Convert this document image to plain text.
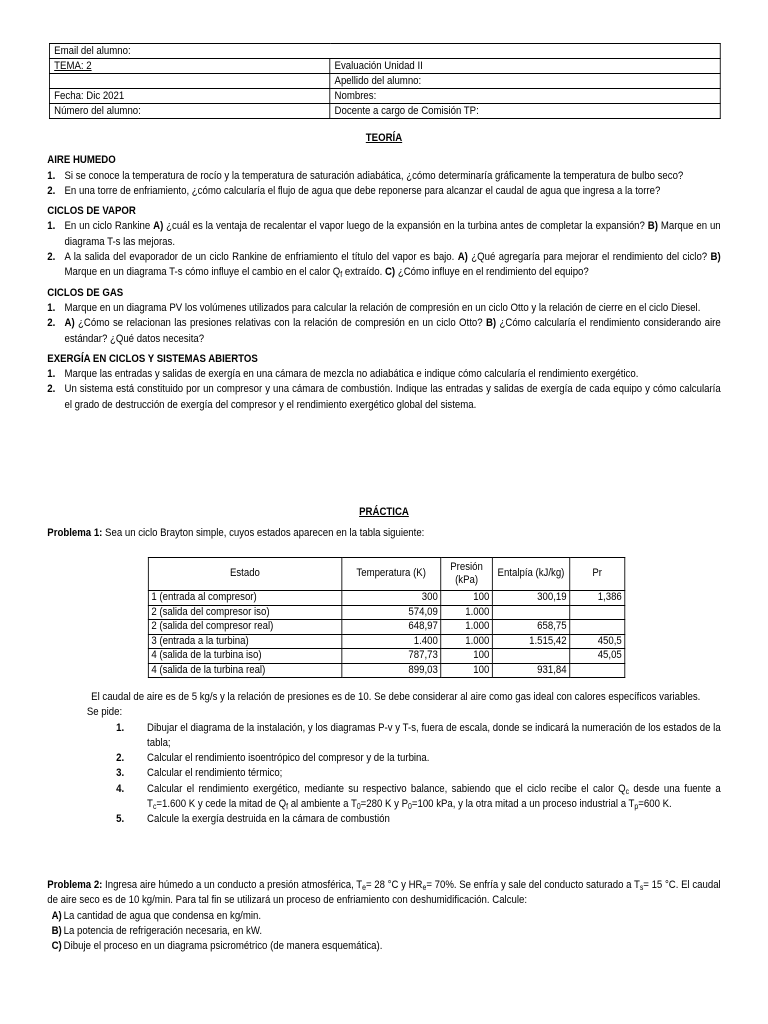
Email del alumno:	
TEMA: 2	Evaluación Unidad II
	Apellido del alumno:
Fecha: Dic 2021	Nombres:
Número del alumno:	Docente a cargo de Comisión TP:
TEORÍA
AIRE HUMEDO
1. Si se conoce la temperatura de rocío y la temperatura de saturación adiabática, ¿cómo determinaría gráficamente la temperatura de bulbo seco?
2. En una torre de enfriamiento, ¿cómo calcularía el flujo de agua que debe reponerse para alcanzar el caudal de agua que ingresa a la torre?
CICLOS DE VAPOR
1. En un ciclo Rankine A) ¿cuál es la ventaja de recalentar el vapor luego de la expansión en la turbina antes de completar la expansión? B) Marque en un diagrama T-s las mejoras.
2. A la salida del evaporador de un ciclo Rankine de enfriamiento el título del vapor es bajo. A) ¿Qué agregaría para mejorar el rendimiento del ciclo? B) Marque en un diagrama T-s cómo influye el cambio en el calor $Q_f$ extraído. C) ¿Cómo influye en el rendimiento del equipo?
CICLOS DE GAS
1. Marque en un diagrama PV los volúmenes utilizados para calcular la relación de compresión en un ciclo Otto y la relación de cierre en el ciclo Diesel.
2. A) ¿Cómo se relacionan las presiones relativas con la relación de compresión en un ciclo Otto? B) ¿Cómo calcularía el rendimiento considerando aire estándar? ¿Qué datos necesita?
EXERGÍA EN CICLOS Y SISTEMAS ABIERTOS
1. Marque las entradas y salidas de exergía en una cámara de mezcla no adiabática e indique cómo calcularía el rendimiento exergético.
2. Un sistema está constituido por un compresor y una cámara de combustión. Indique las entradas y salidas de exergía de cada equipo y cómo calcularía el grado de destrucción de exergía del compresor y el rendimiento exergético global del sistema.
PRÁCTICA
Problema 1: Sea un ciclo Brayton simple, cuyos estados aparecen en la tabla siguiente:
Estado	Temperatura (K)	Presión (kPa)	Entalpía (kJ/kg)	Pr
1 (entrada al compresor)	300	100	300,19	1,386
2 (salida del compresor iso)	574,09	1.000		
2 (salida del compresor real)	648,97	1.000	658,75	
3 (entrada a la turbina)	1.400	1.000	1.515,42	450,5
4 (salida de la turbina iso)	787,73	100		45,05
4 (salida de la turbina real)	899,03	100	931,84	
El caudal de aire es de 5 kg/s y la relación de presiones es de 10. Se debe considerar al aire como gas ideal con calores específicos variables.
Se pide:
1. Dibujar el diagrama de la instalación, y los diagramas P-v y T-s, fuera de escala, donde se indicará la numeración de los estados de la tabla;
2. Calcular el rendimiento isoentrópico del compresor y de la turbina.
3. Calcular el rendimiento térmico;
4. Calcular el rendimiento exergético, mediante su respectivo balance, sabiendo que el ciclo recibe el calor $Q_c$ desde una fuente a $T_c=1.600$ K y cede la mitad de $Q_f$ al ambiente a $T_0=280$ K y $P_0=100$ kPa, y la otra mitad a un proceso industrial a $T_p=600$ K.
5. Calcule la exergía destruida en la cámara de combustión
Problema 2: Ingresa aire húmedo a un conducto a presión atmosférica, $T_e= 28$ °C y $HR_e= 70\%$. Se enfría y sale del conducto saturado a $T_s= 15$ °C. El caudal de aire seco es de 10 kg/min. Para tal fin se utilizará un proceso de enfriamiento con deshumidificación. Calcule:
A) La cantidad de agua que condensa en kg/min.
B) La potencia de refrigeración necesaria, en kW.
C) Dibuje el proceso en un diagrama psicrométrico (de manera esquemática).
